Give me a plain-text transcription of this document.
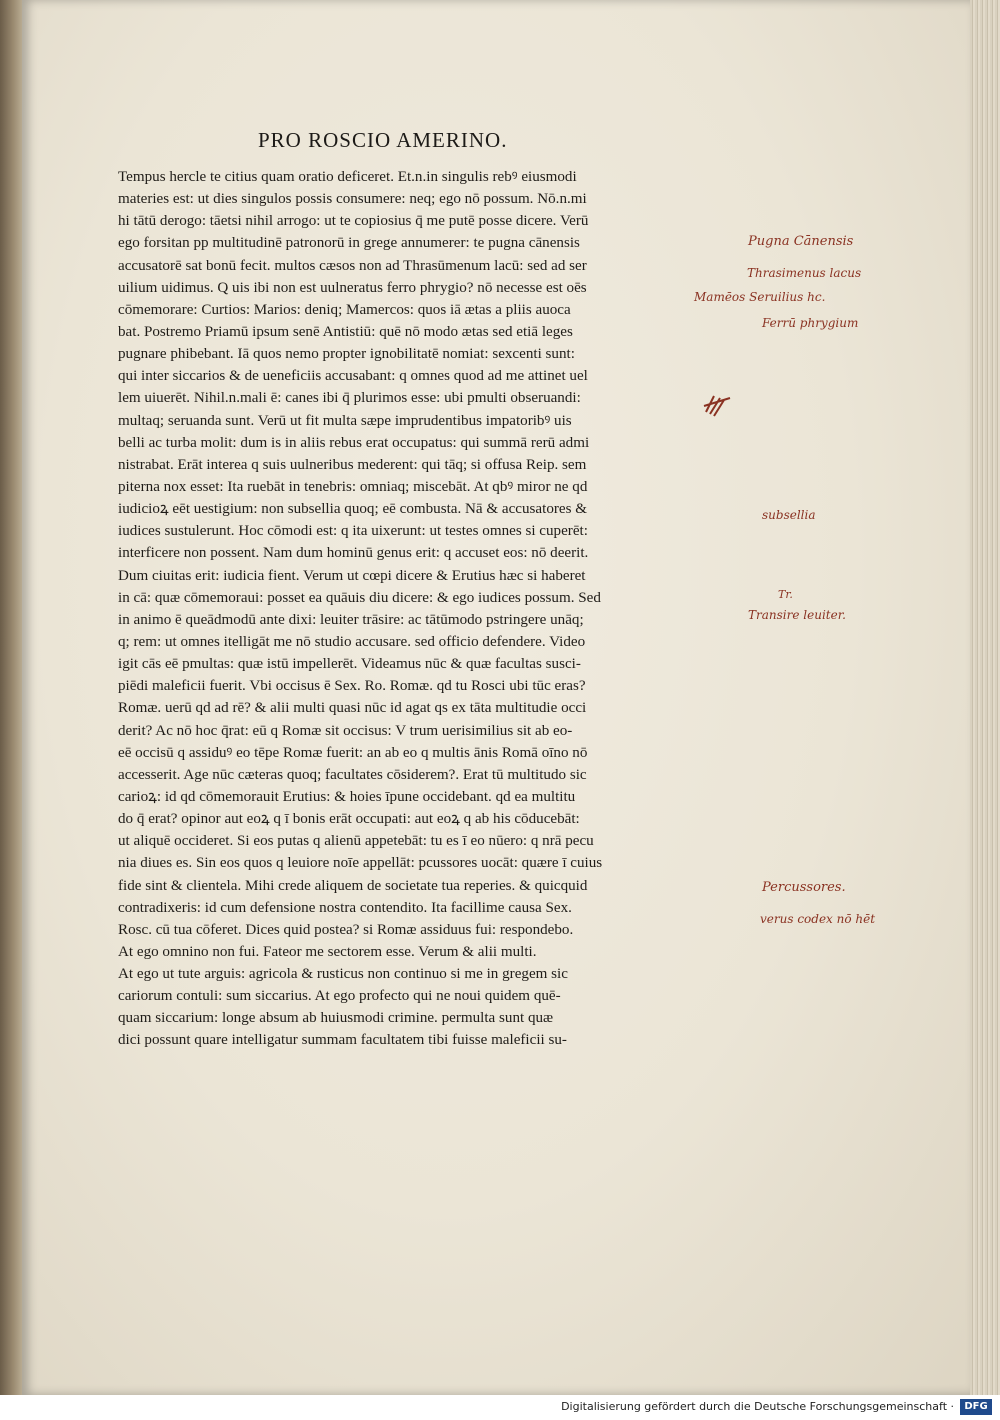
PRO ROSCIO AMERINO.
Tempus hercle te citius quam oratio deficeret. Et.n.in singulis rebꝰ eiusmodi
materies est: ut dies singulos possis consumere: neq; ego nō possum. Nō.n.mi
hi tātū derogo: tāetsi nihil arrogo: ut te copiosius q̄ me putē posse dicere. Verū
ego forsitan pp multitudinē patronorū in grege annumerer: te pugna cānensis
accusatorē sat bonū fecit. multos cæsos non ad Thrasūmenum lacū: sed ad ser
uilium uidimus. Q uis ibi non est uulneratus ferro phrygio? nō necesse est oēs
cōmemorare: Curtios: Marios: deniq; Mamercos: quos iā ætas a pliis auoca
bat. Postremo Priamū ipsum senē Antistiū: quē nō modo ætas sed etiā leges
pugnare phibebant. Iā quos nemo propter ignobilitatē nomiat: sexcenti sunt:
qui inter siccarios & de ueneficiis accusabant: q omnes quod ad me attinet uel
lem uiuerēt. Nihil.n.mali ē: canes ibi q̄ plurimos esse: ubi pmulti obseruandi:
multaq; seruanda sunt. Verū ut fit multa sæpe imprudentibus impatoribꝰ uis
belli ac turba molit: dum is in aliis rebus erat occupatus: qui summā rerū admi
nistrabat. Erāt interea q suis uulneribus mederent: qui tāq; si offusa Reip. sem
piterna nox esset: Ita ruebāt in tenebris: omniaq; miscebāt. At qbꝰ miror ne qd
iudicioꝝ eēt uestigium: non subsellia quoq; eē combusta. Nā & accusatores &
iudices sustulerunt. Hoc cōmodi est: q ita uixerunt: ut testes omnes si cuperēt:
interficere non possent. Nam dum hominū genus erit: q accuset eos: nō deerit.
Dum ciuitas erit: iudicia fient. Verum ut cœpi dicere & Erutius hæc si haberet
in cā: quæ cōmemoraui: posset ea quāuis diu dicere: & ego iudices possum. Sed
in animo ē queādmodū ante dixi: leuiter trāsire: ac tātūmodo pstringere unāq;
q; rem: ut omnes itelligāt me nō studio accusare. sed officio defendere. Video
igit cās eē pmultas: quæ istū impellerēt. Videamus nūc & quæ facultas susci-
piēdi maleficii fuerit. Vbi occisus ē Sex. Ro. Romæ. qd tu Rosci ubi tūc eras?
Romæ. uerū qd ad rē? & alii multi quasi nūc id agat qs ex tāta multitudie occi
derit? Ac nō hoc q̄rat: eū q Romæ sit occisus: V trum uerisimilius sit ab eo-
eē occisū q assiduꝰ eo tēpe Romæ fuerit: an ab eo q multis ānis Romā oīno nō
accesserit. Age nūc cæteras quoq; facultates cōsiderem?. Erat tū multitudo sic
carioꝝ: id qd cōmemorauit Erutius: & hoies īpune occidebant. qd ea multitu
do q̄ erat? opinor aut eoꝝ q ī bonis erāt occupati: aut eoꝝ q ab his cōducebāt:
ut aliquē occideret. Si eos putas q alienū appetebāt: tu es ī eo nūero: q nrā pecu
nia diues es. Sin eos quos q leuiore noīe appellāt: pcussores uocāt: quære ī cuius
fide sint & clientela. Mihi crede aliquem de societate tua reperies. & quicquid
contradixeris: id cum defensione nostra contendito. Ita facillime causa Sex.
Rosc. cū tua cōferet. Dices quid postea? si Romæ assiduus fui: respondebo.
At ego omnino non fui. Fateor me sectorem esse. Verum & alii multi.
At ego ut tute arguis: agricola & rusticus non continuo si me in gregem sic
cariorum contuli: sum siccarius. At ego profecto qui ne noui quidem quē-
quam siccarium: longe absum ab huiusmodi crimine. permulta sunt quæ
dici possunt quare intelligatur summam facultatem tibi fuisse maleficii su-
Pugna Cānensis
Thrasimenus lacus
Mamēos Seruilius hc.
Ferrū phrygium
subsellia
Tr.
Transire leuiter.
Percussores.
verus codex nō hēt
Digitalisierung gefördert durch die Deutsche Forschungsgemeinschaft ·	DFG
